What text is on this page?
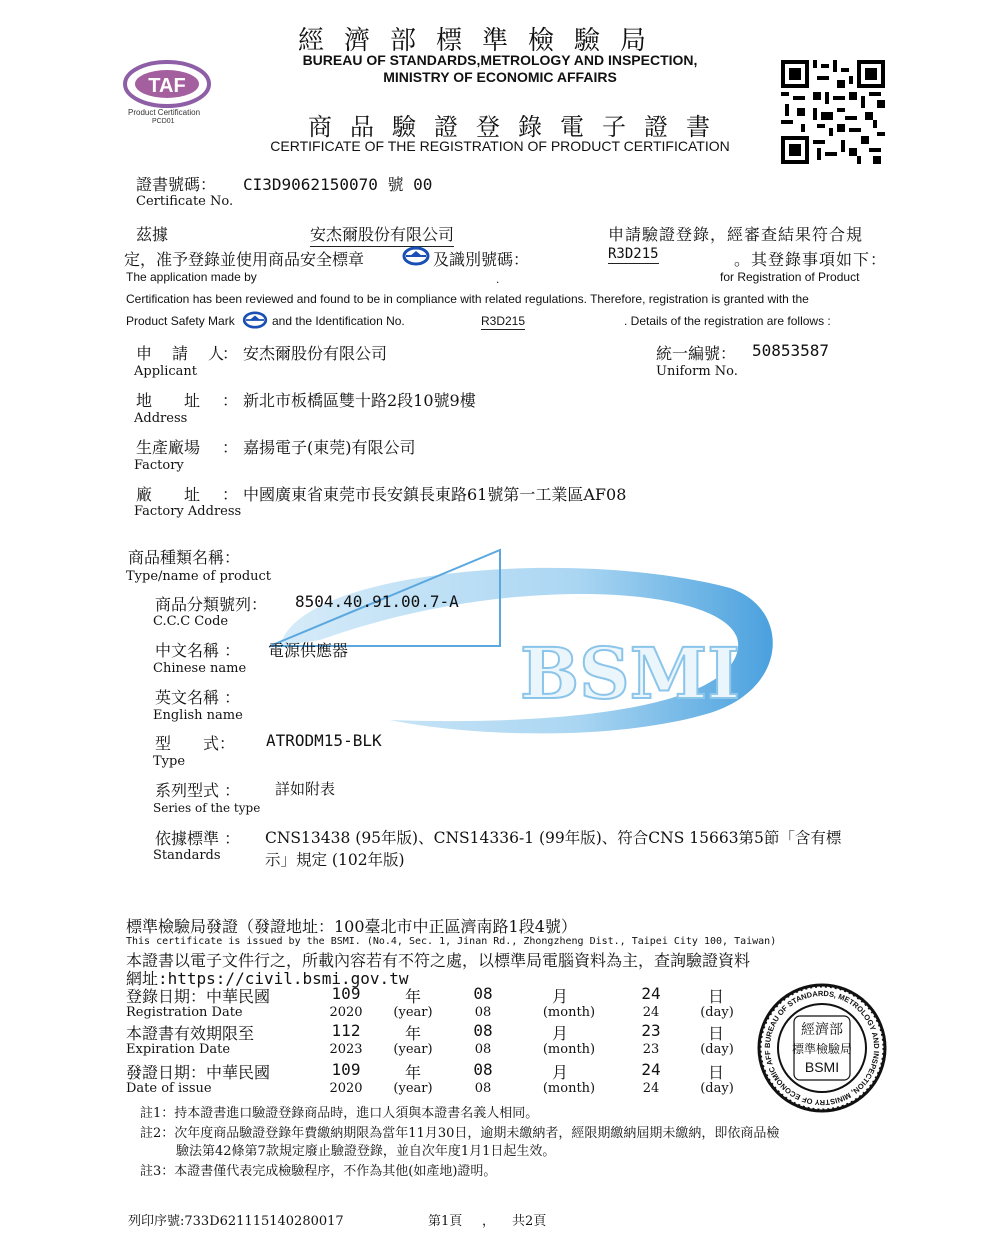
TAF
Product Certification
PCD01
經濟部標準檢驗局
BUREAU OF STANDARDS,METROLOGY AND INSPECTION,
MINISTRY OF ECONOMIC AFFAIRS
商品驗證登錄電子證書
CERTIFICATE OF THE REGISTRATION OF PRODUCT CERTIFICATION
證書號碼： CI3D9062150070 號 00
Certificate No.
茲據	安杰爾股份有限公司	申請驗證登錄，經審查結果符合規
定，准予登錄並使用商品安全標章	及識別號碼：	R3D215	。其登錄事項如下：
The application made by	.	for Registration of Product
Certification has been reviewed and found to be in compliance with related regulations. Therefore, registration is granted with the
Product Safety Mark	and the Identification No.	R3D215	. Details of the registration are follows :
申　請　人
： 安杰爾股份有限公司
Applicant
統一編號： 50853587
Uniform No.
地　　址 ： 新北市板橋區雙十路2段10號9樓
Address
生產廠場 ： 嘉揚電子(東莞)有限公司
Factory
廠　　址 ： 中國廣東省東莞市長安鎮長東路61號第一工業區AF08
Factory Address
BSMI
商品種類名稱：
Type/name of product
商品分類號列： 8504.40.91.00.7-A
C.C.C Code
中文名稱 ： 電源供應器
Chinese name
英文名稱 ：
English name
型　　式： ATRODM15-BLK
Type
系列型式 ： 詳如附表
Series of the type
依據標準 ：
Standards
CNS13438 (95年版)、CNS14336-1 (99年版)、符合CNS 15663第5節「含有標
示」規定 (102年版)
標準檢驗局發證（發證地址：100臺北市中正區濟南路1段4號）
This certificate is issued by the BSMI. (No.4, Sec. 1, Jinan Rd., Zhongzheng Dist., Taipei City 100, Taiwan)
本證書以電子文件行之，所載內容若有不符之處，以標準局電腦資料為主，查詢驗證資料
網址:https://civil.bsmi.gov.tw
登錄日期：中華民國	109	年	08	月	24	日
Registration Date	2020	(year)	08	(month)	24	(day)
本證書有效期限至	112	年	08	月	23	日
Expiration Date	2023	(year)	08	(month)	23	(day)
發證日期：中華民國	109	年	08	月	24	日
Date of issue	2020	(year)	08	(month)	24	(day)
BUREAU OF STANDARDS, METROLOGY AND INSPECTION, MINISTRY OF ECONOMIC AFF
經濟部
標準檢驗局
BSMI
註1：持本證書進口驗證登錄商品時，進口人須與本證書名義人相同。
註2：次年度商品驗證登錄年費繳納期限為當年11月30日，逾期未繳納者，經限期繳納屆期未繳納，即依商品檢
驗法第42條第7款規定廢止驗證登錄，並自次年度1月1日起生效。
註3：本證書僅代表完成檢驗程序，不作為其他(如產地)證明。
列印序號:733D621115140280017	第1頁 ， 共2頁
